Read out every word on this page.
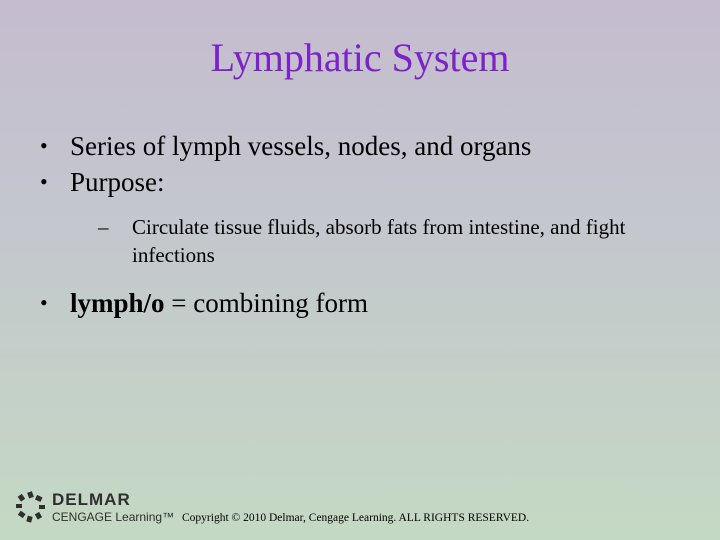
Lymphatic System
• Series of lymph vessels, nodes, and organs
• Purpose:
– Circulate tissue fluids, absorb fats from intestine, and fight infections
• lymph/o = combining form
DELMAR
CENGAGE Learning™ Copyright © 2010 Delmar, Cengage Learning. ALL RIGHTS RESERVED.
